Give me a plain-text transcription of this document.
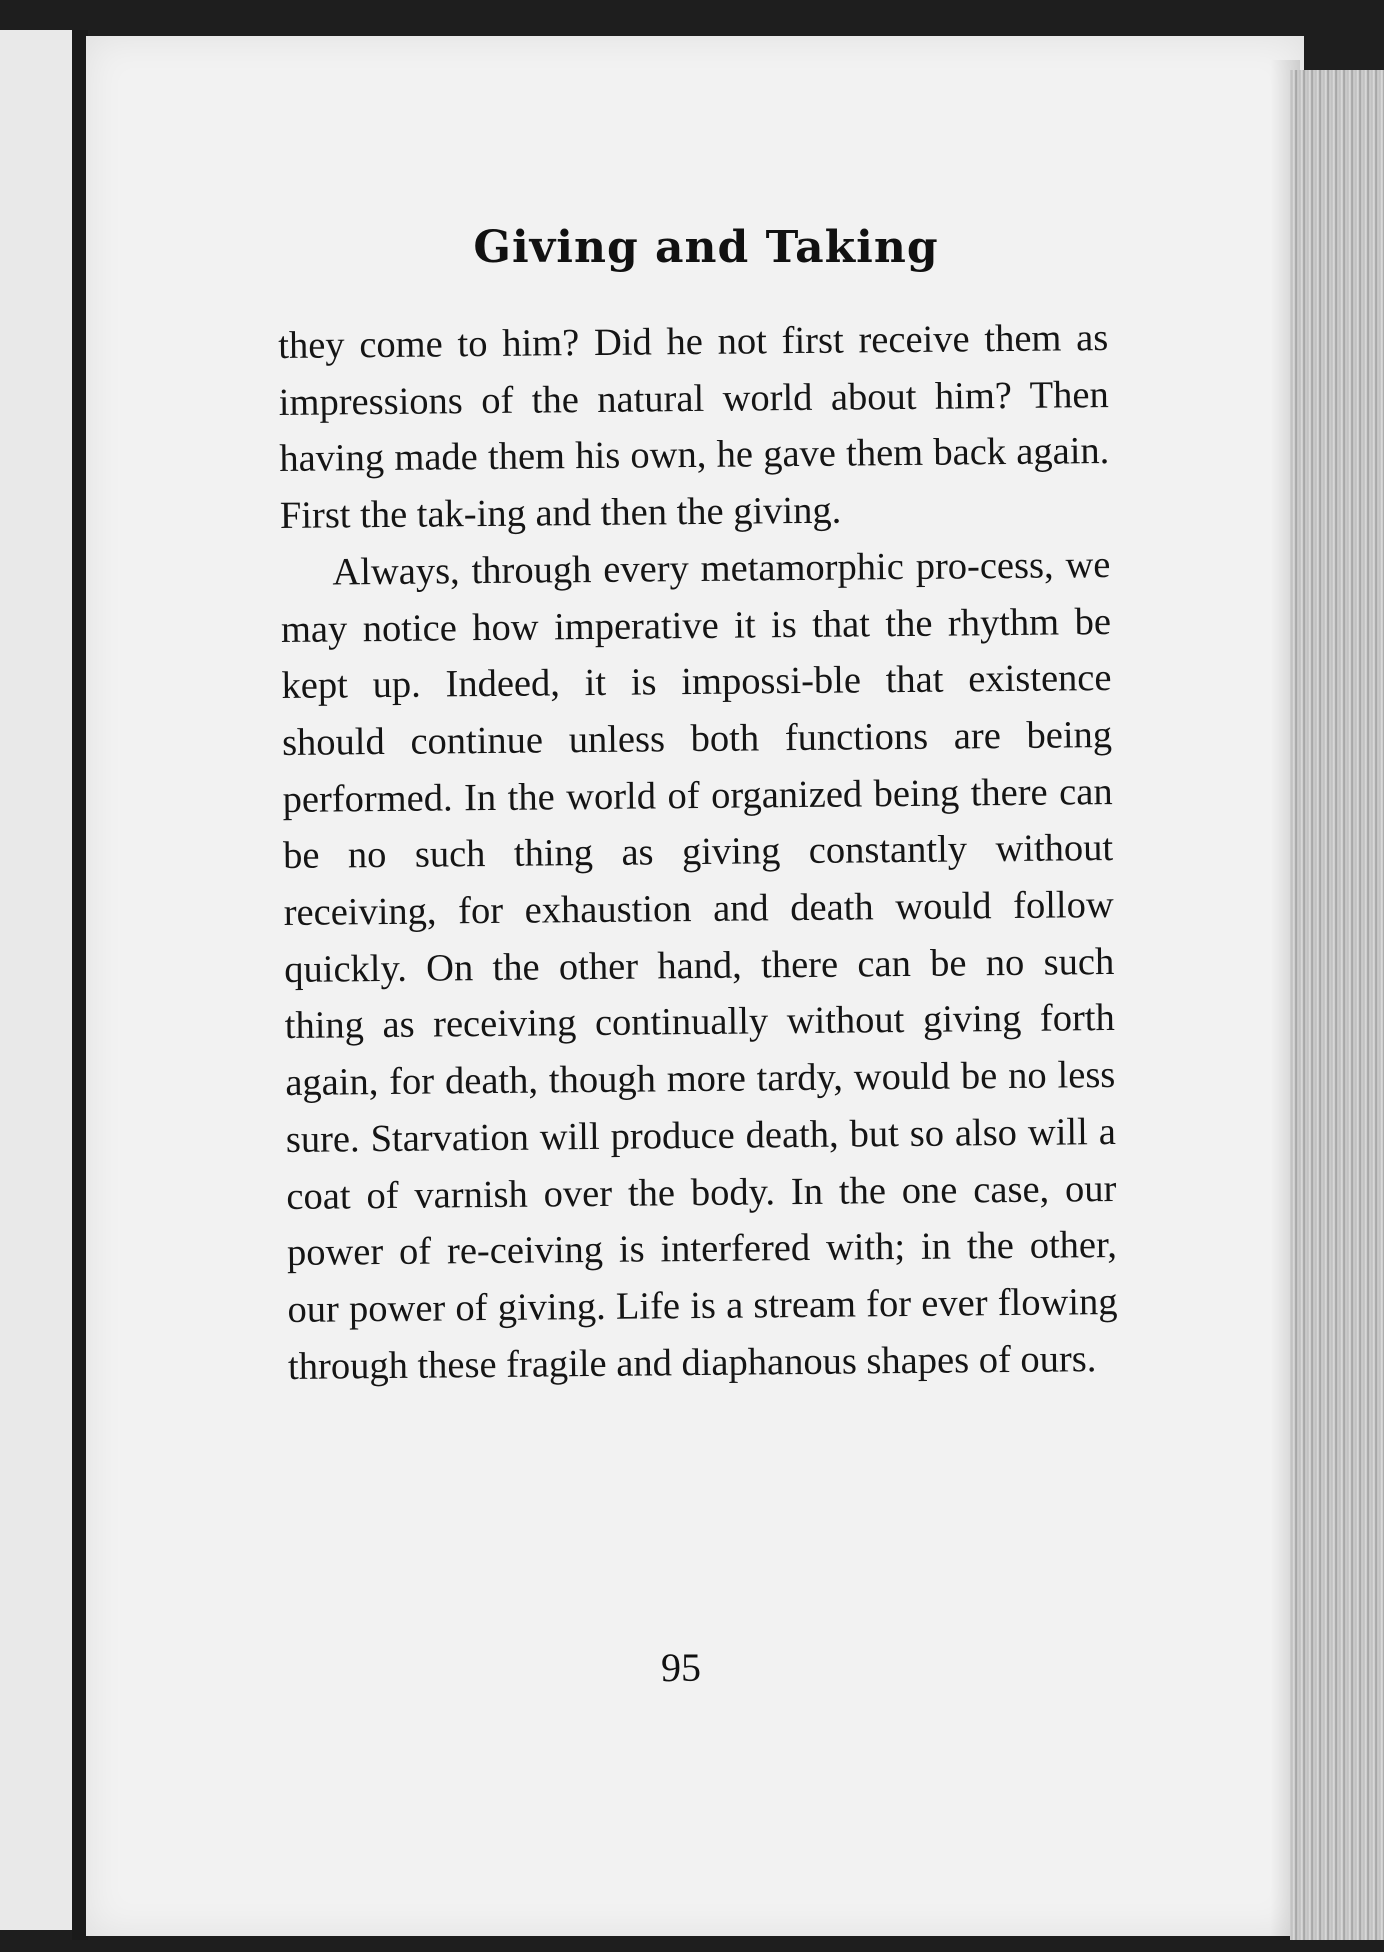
Giving and Taking

they come to him? Did he not first receive them as impressions of the natural world about him? Then having made them his own, he gave them back again. First the tak-ing and then the giving.

Always, through every metamorphic pro-cess, we may notice how imperative it is that the rhythm be kept up. Indeed, it is impossi-ble that existence should continue unless both functions are being performed. In the world of organized being there can be no such thing as giving constantly without receiving, for exhaustion and death would follow quickly. On the other hand, there can be no such thing as receiving continually without giving forth again, for death, though more tardy, would be no less sure. Starvation will produce death, but so also will a coat of varnish over the body. In the one case, our power of re-ceiving is interfered with; in the other, our power of giving. Life is a stream for ever flowing through these fragile and diaphanous shapes of ours.

95
